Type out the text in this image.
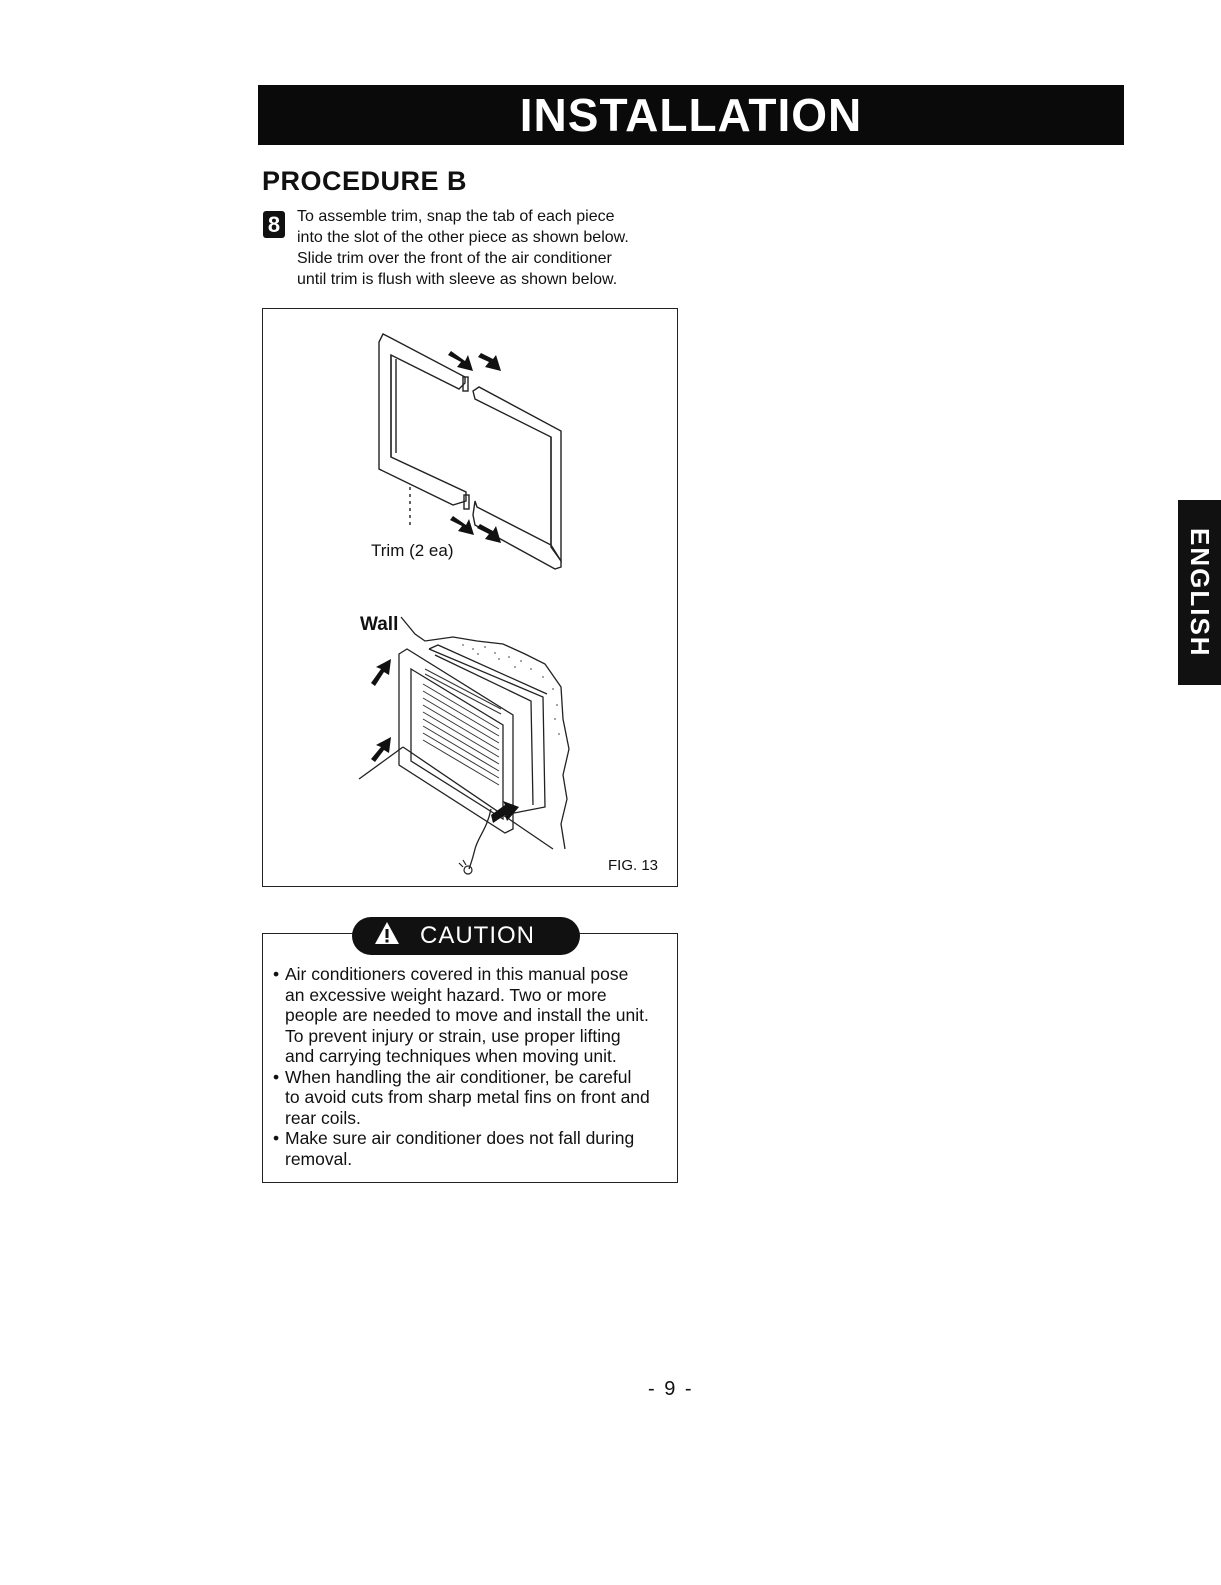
INSTALLATION
PROCEDURE B
8 To assemble trim, snap the tab of each piece
into the slot of the other piece as shown below.
Slide trim over the front of the air conditioner
until trim is flush with sleeve as shown below.
Trim (2 ea)
Wall
FIG. 13
CAUTION
• Air conditioners covered in this manual pose
an excessive weight hazard. Two or more
people are needed to move and install the unit.
To prevent injury or strain, use proper lifting
and carrying techniques when moving unit.
• When handling the air conditioner, be careful
to avoid cuts from sharp metal fins on front and
rear coils.
• Make sure air conditioner does not fall during
removal.
ENGLISH
- 9 -
